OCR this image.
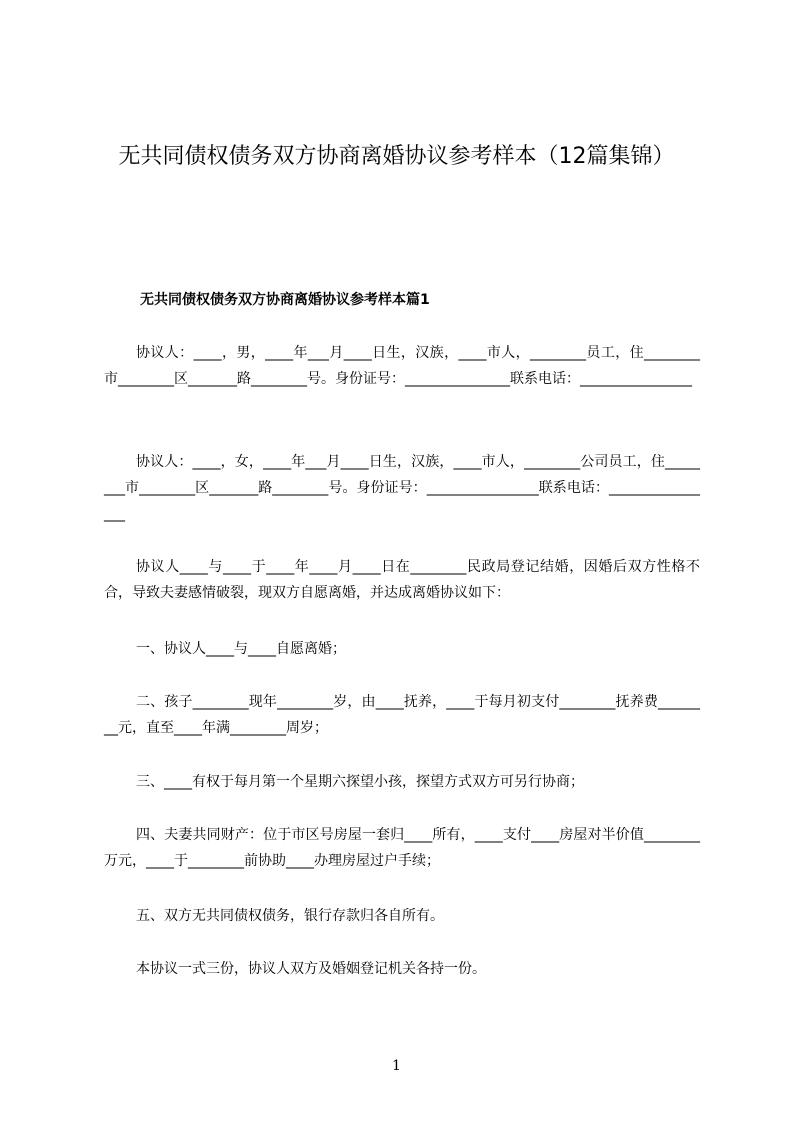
无共同债权债务双方协商离婚协议参考样本（12篇集锦）

无共同债权债务双方协商离婚协议参考样本篇1

协议人：____，男，____年___月____日生，汉族，____市人，________员工，住________市________区_______路________号。身份证号：_______________联系电话：________________

协议人：____，女，____年___月____日生，汉族，____市人，________公司员工，住________市________区_______路________号。身份证号：________________联系电话：________________

协议人____与____于____年____月____日在________民政局登记结婚，因婚后双方性格不合，导致夫妻感情破裂，现双方自愿离婚，并达成离婚协议如下：

一、协议人____与____自愿离婚；

二、孩子________现年________岁，由____抚养，____于每月初支付________抚养费________元，直至____年满________周岁；

三、____有权于每月第一个星期六探望小孩，探望方式双方可另行协商；

四、夫妻共同财产：位于市区号房屋一套归____所有，____支付____房屋对半价值________万元，____于________前协助____办理房屋过户手续；

五、双方无共同债权债务，银行存款归各自所有。

本协议一式三份，协议人双方及婚姻登记机关各持一份。

1
